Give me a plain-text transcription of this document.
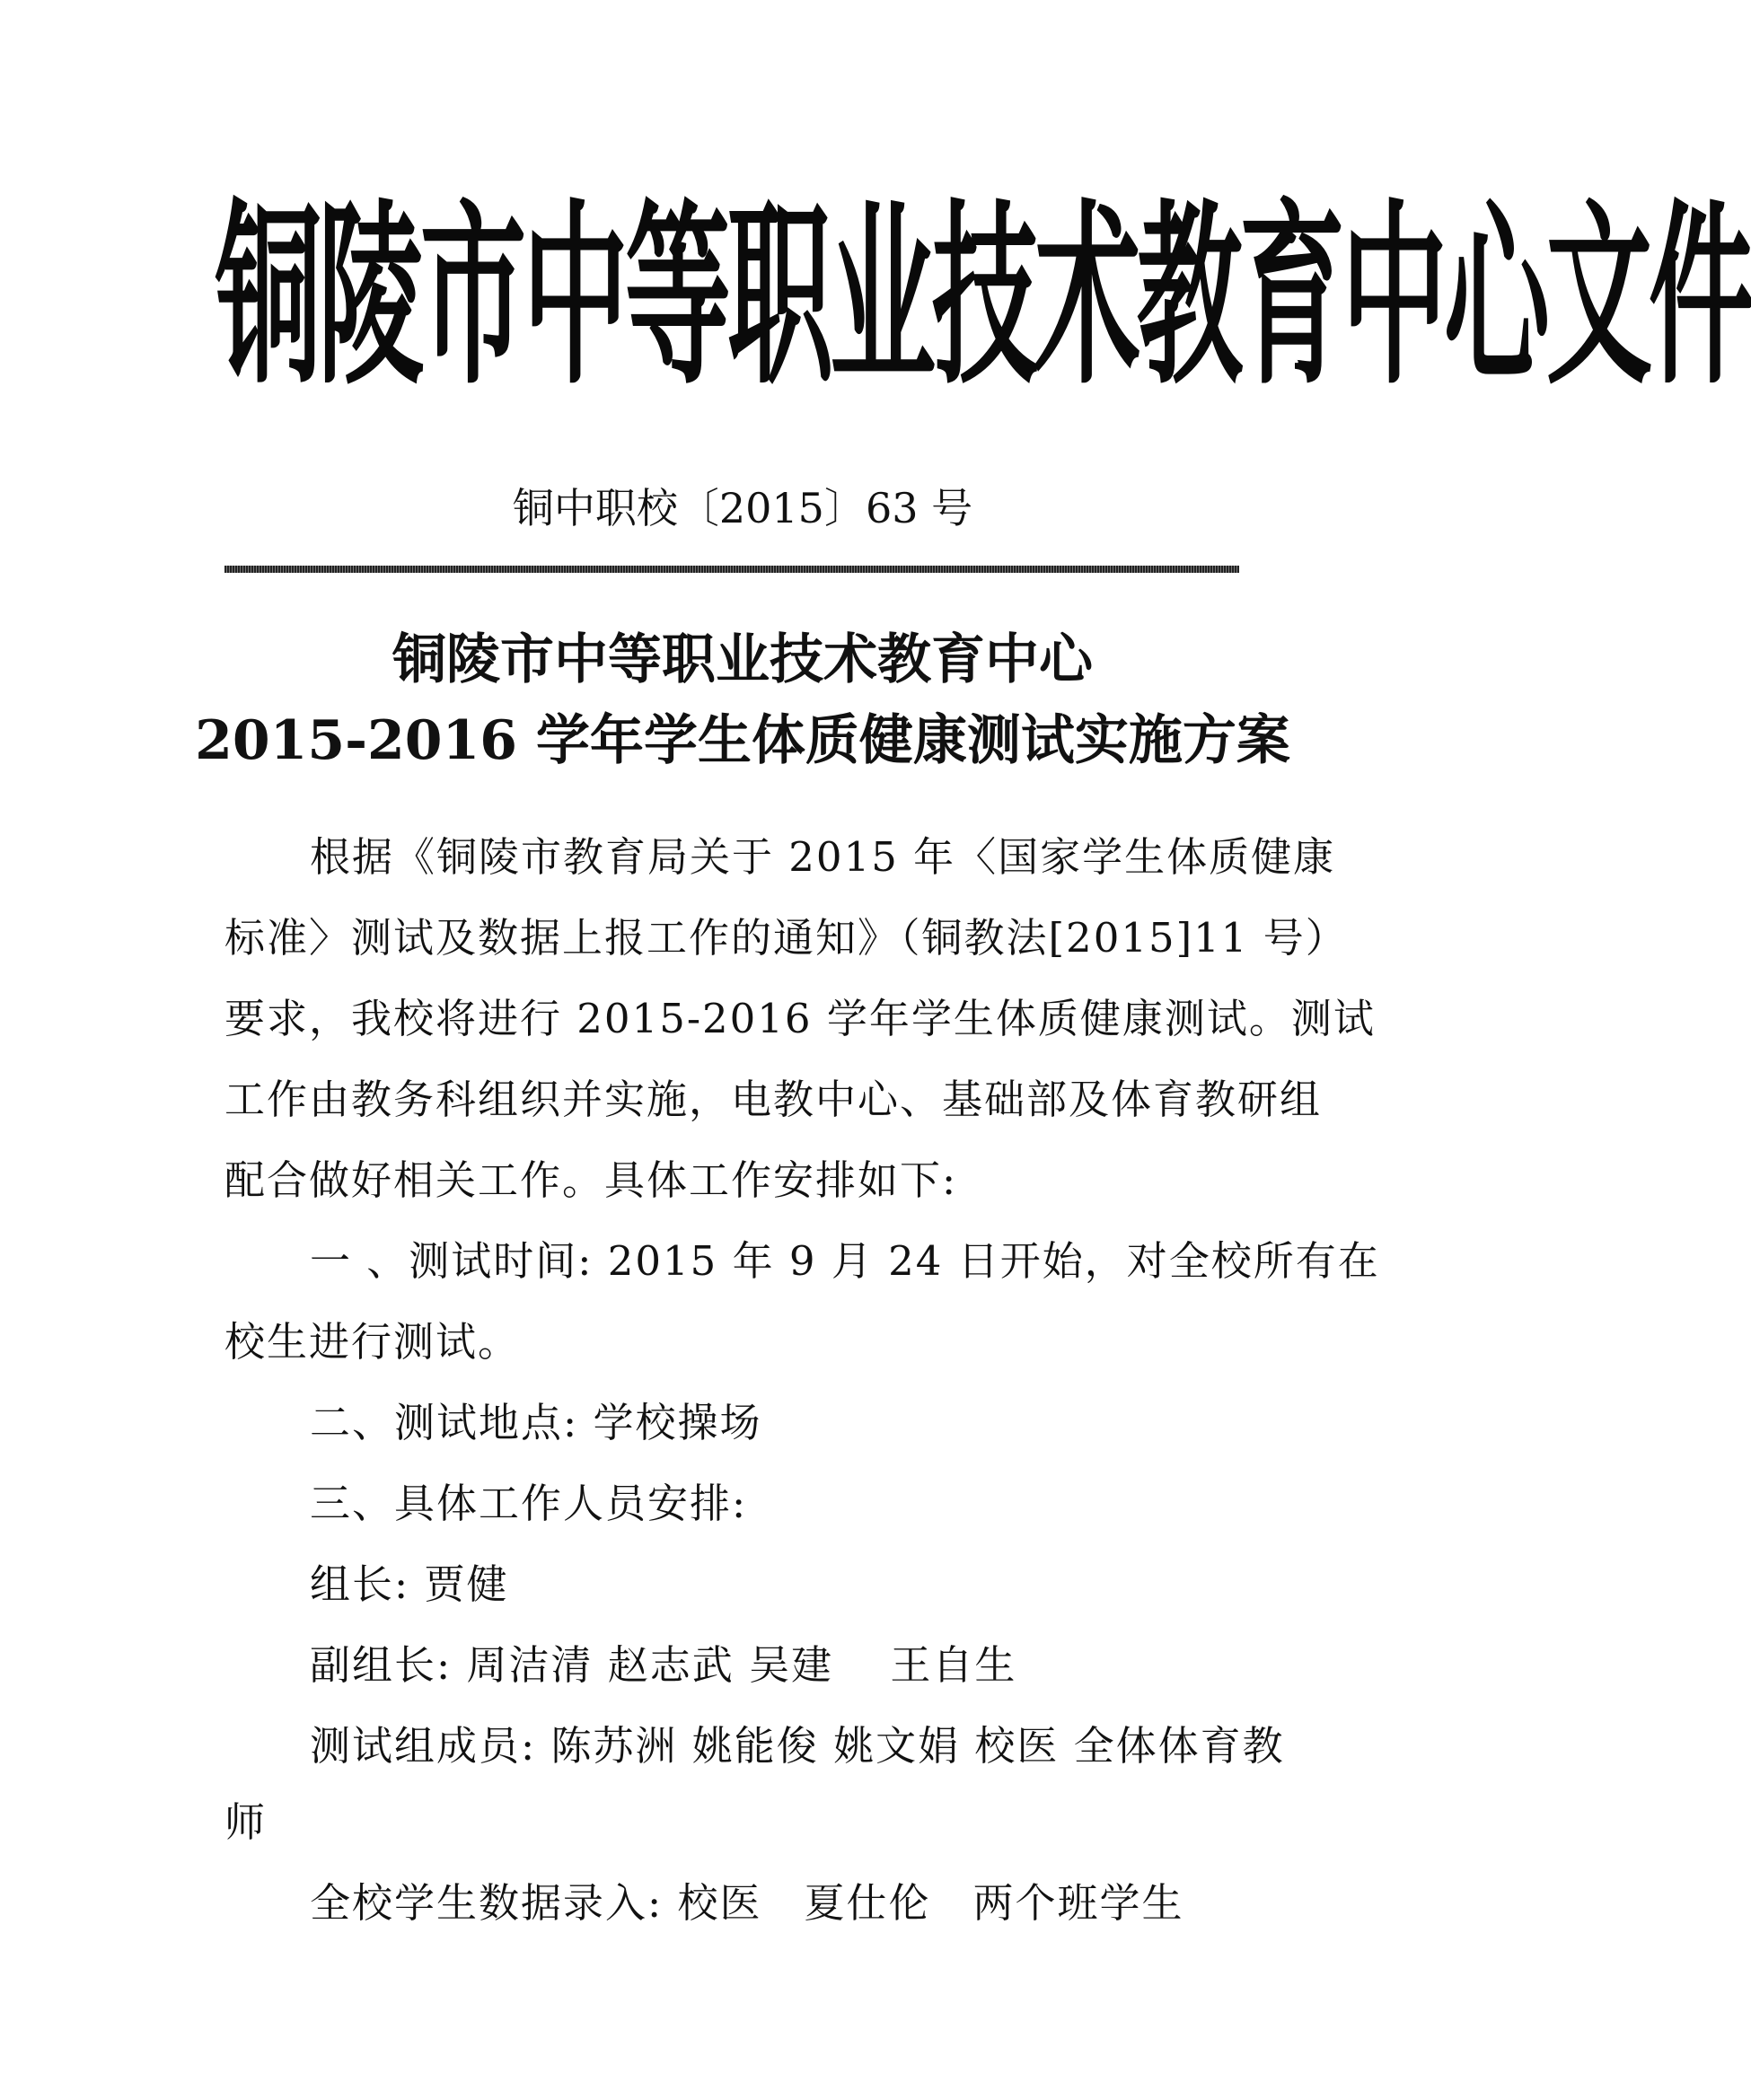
铜陵市中等职业技术教育中心文件
铜中职校〔2015〕63 号
铜陵市中等职业技术教育中心
2015-2016 学年学生体质健康测试实施方案
根据《铜陵市教育局关于 2015 年〈国家学生体质健康
标准〉测试及数据上报工作的通知》（铜教法[2015]11 号）
要求，我校将进行 2015-2016 学年学生体质健康测试。测试
工作由教务科组织并实施，电教中心、基础部及体育教研组
配合做好相关工作。具体工作安排如下:
一 、测试时间: 2015 年 9 月 24 日开始，对全校所有在
校生进行测试。
二、测试地点: 学校操场
三、具体工作人员安排:
组长: 贾健
副组长: 周洁清 赵志武 吴建　 王自生
测试组成员: 陈苏洲 姚能俊 姚文娟 校医 全体体育教
师
全校学生数据录入: 校医　夏仕伦　两个班学生
